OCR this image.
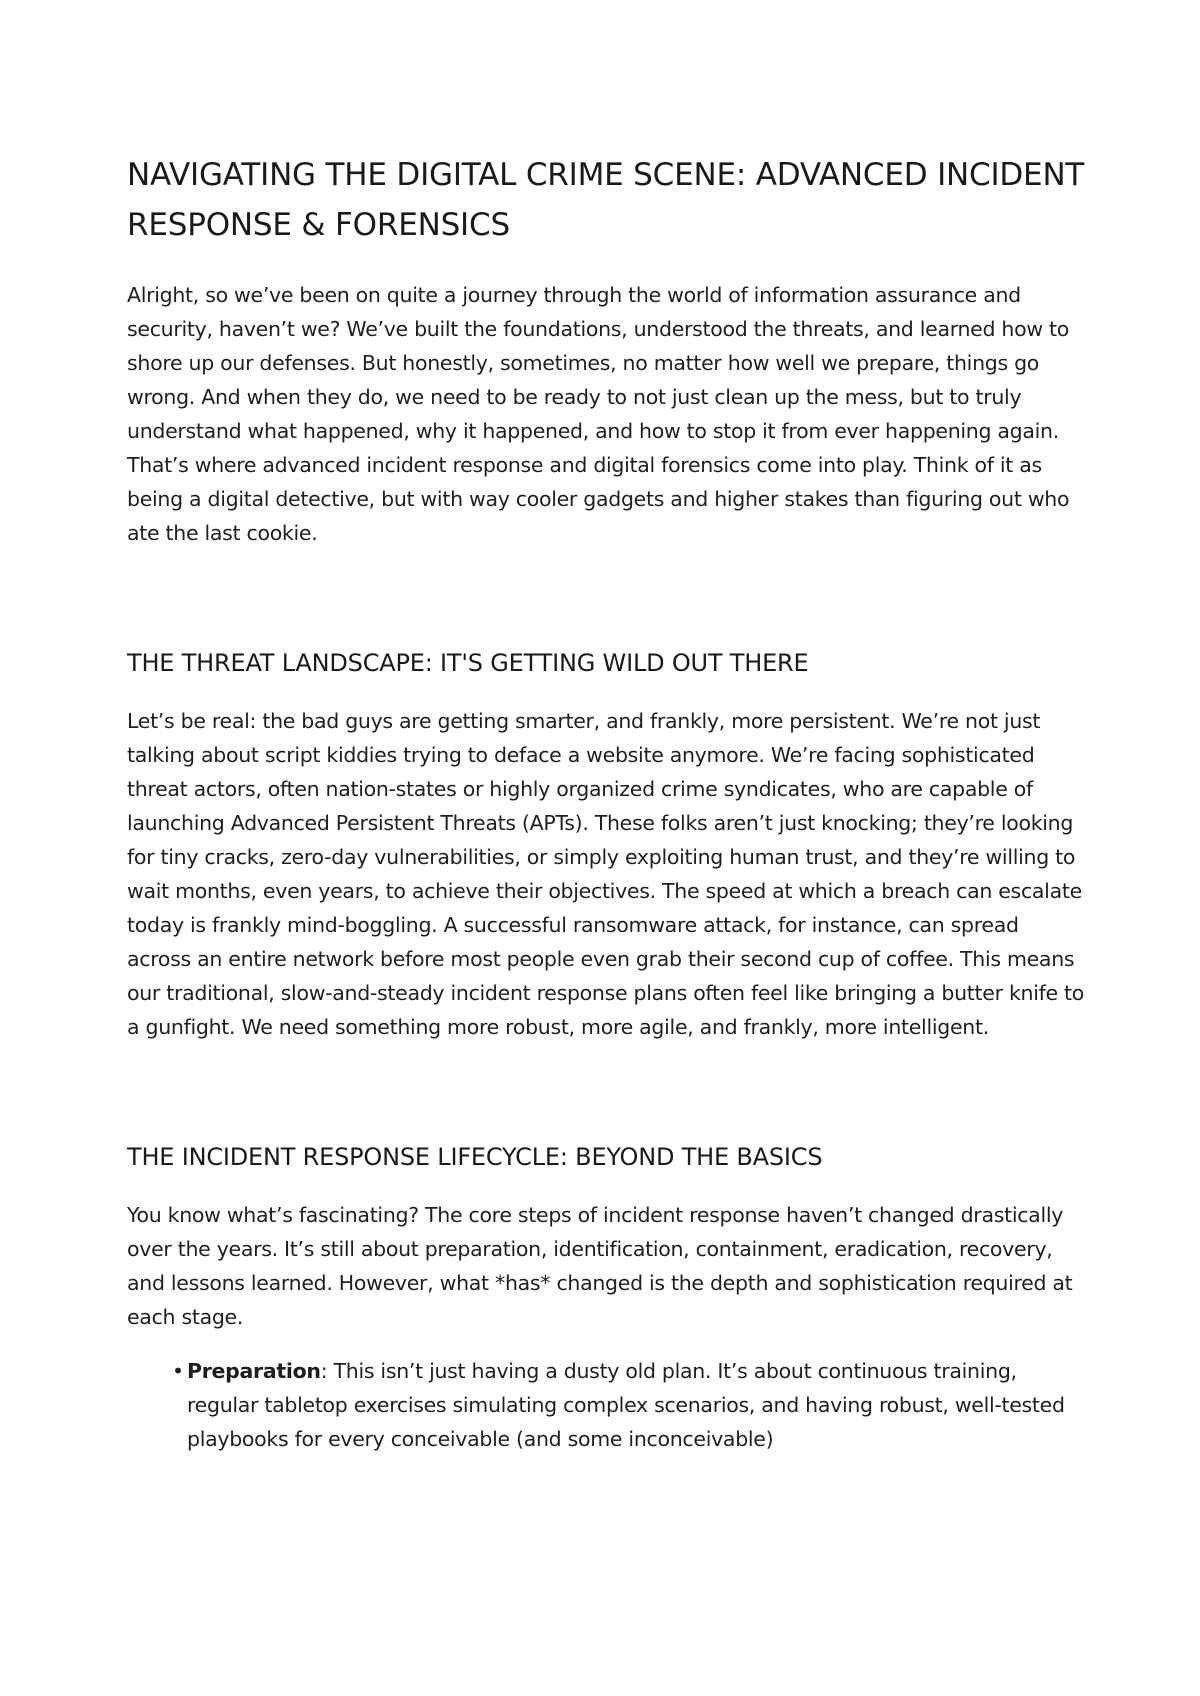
NAVIGATING THE DIGITAL CRIME SCENE: ADVANCED INCIDENT RESPONSE & FORENSICS

Alright, so we’ve been on quite a journey through the world of information assurance and security, haven’t we? We’ve built the foundations, understood the threats, and learned how to shore up our defenses. But honestly, sometimes, no matter how well we prepare, things go wrong. And when they do, we need to be ready to not just clean up the mess, but to truly understand what happened, why it happened, and how to stop it from ever happening again. That’s where advanced incident response and digital forensics come into play. Think of it as being a digital detective, but with way cooler gadgets and higher stakes than figuring out who ate the last cookie.

THE THREAT LANDSCAPE: IT'S GETTING WILD OUT THERE

Let’s be real: the bad guys are getting smarter, and frankly, more persistent. We’re not just talking about script kiddies trying to deface a website anymore. We’re facing sophisticated threat actors, often nation-states or highly organized crime syndicates, who are capable of launching Advanced Persistent Threats (APTs). These folks aren’t just knocking; they’re looking for tiny cracks, zero-day vulnerabilities, or simply exploiting human trust, and they’re willing to wait months, even years, to achieve their objectives. The speed at which a breach can escalate today is frankly mind-boggling. A successful ransomware attack, for instance, can spread across an entire network before most people even grab their second cup of coffee. This means our traditional, slow-and-steady incident response plans often feel like bringing a butter knife to a gunfight. We need something more robust, more agile, and frankly, more intelligent.

THE INCIDENT RESPONSE LIFECYCLE: BEYOND THE BASICS

You know what’s fascinating? The core steps of incident response haven’t changed drastically over the years. It’s still about preparation, identification, containment, eradication, recovery, and lessons learned. However, what *has* changed is the depth and sophistication required at each stage.

• Preparation: This isn’t just having a dusty old plan. It’s about continuous training, regular tabletop exercises simulating complex scenarios, and having robust, well-tested playbooks for every conceivable (and some inconceivable)
